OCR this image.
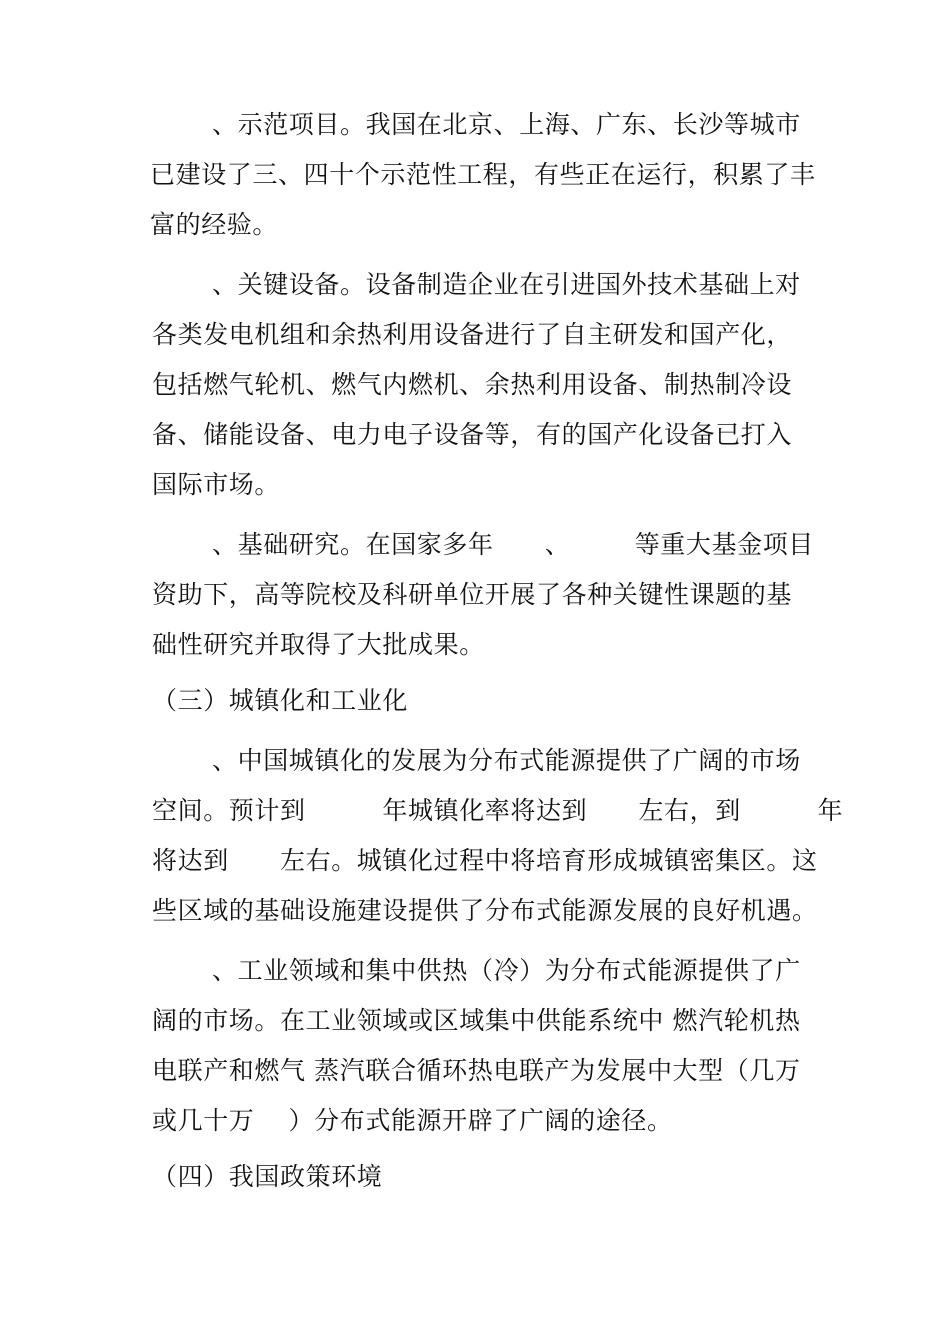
、示范项目。我国在北京、上海、广东、长沙等城市
已建设了三、四十个示范性工程，有些正在运行，积累了丰
富的经验。
、关键设备。设备制造企业在引进国外技术基础上对
各类发电机组和余热利用设备进行了自主研发和国产化，
包括燃气轮机、燃气内燃机、余热利用设备、制热制冷设
备、储能设备、电力电子设备等，有的国产化设备已打入
国际市场。
、基础研究。在国家多年　　、　　　等重大基金项目
资助下，高等院校及科研单位开展了各种关键性课题的基
础性研究并取得了大批成果。
（三）城镇化和工业化
、中国城镇化的发展为分布式能源提供了广阔的市场
空间。预计到　　　年城镇化率将达到　　左右，到　　　年
将达到　　左右。城镇化过程中将培育形成城镇密集区。这
些区域的基础设施建设提供了分布式能源发展的良好机遇。
、工业领域和集中供热（冷）为分布式能源提供了广
阔的市场。在工业领域或区域集中供能系统中 燃汽轮机热
电联产和燃气 蒸汽联合循环热电联产为发展中大型（几万
或几十万　 ）分布式能源开辟了广阔的途径。
（四）我国政策环境
